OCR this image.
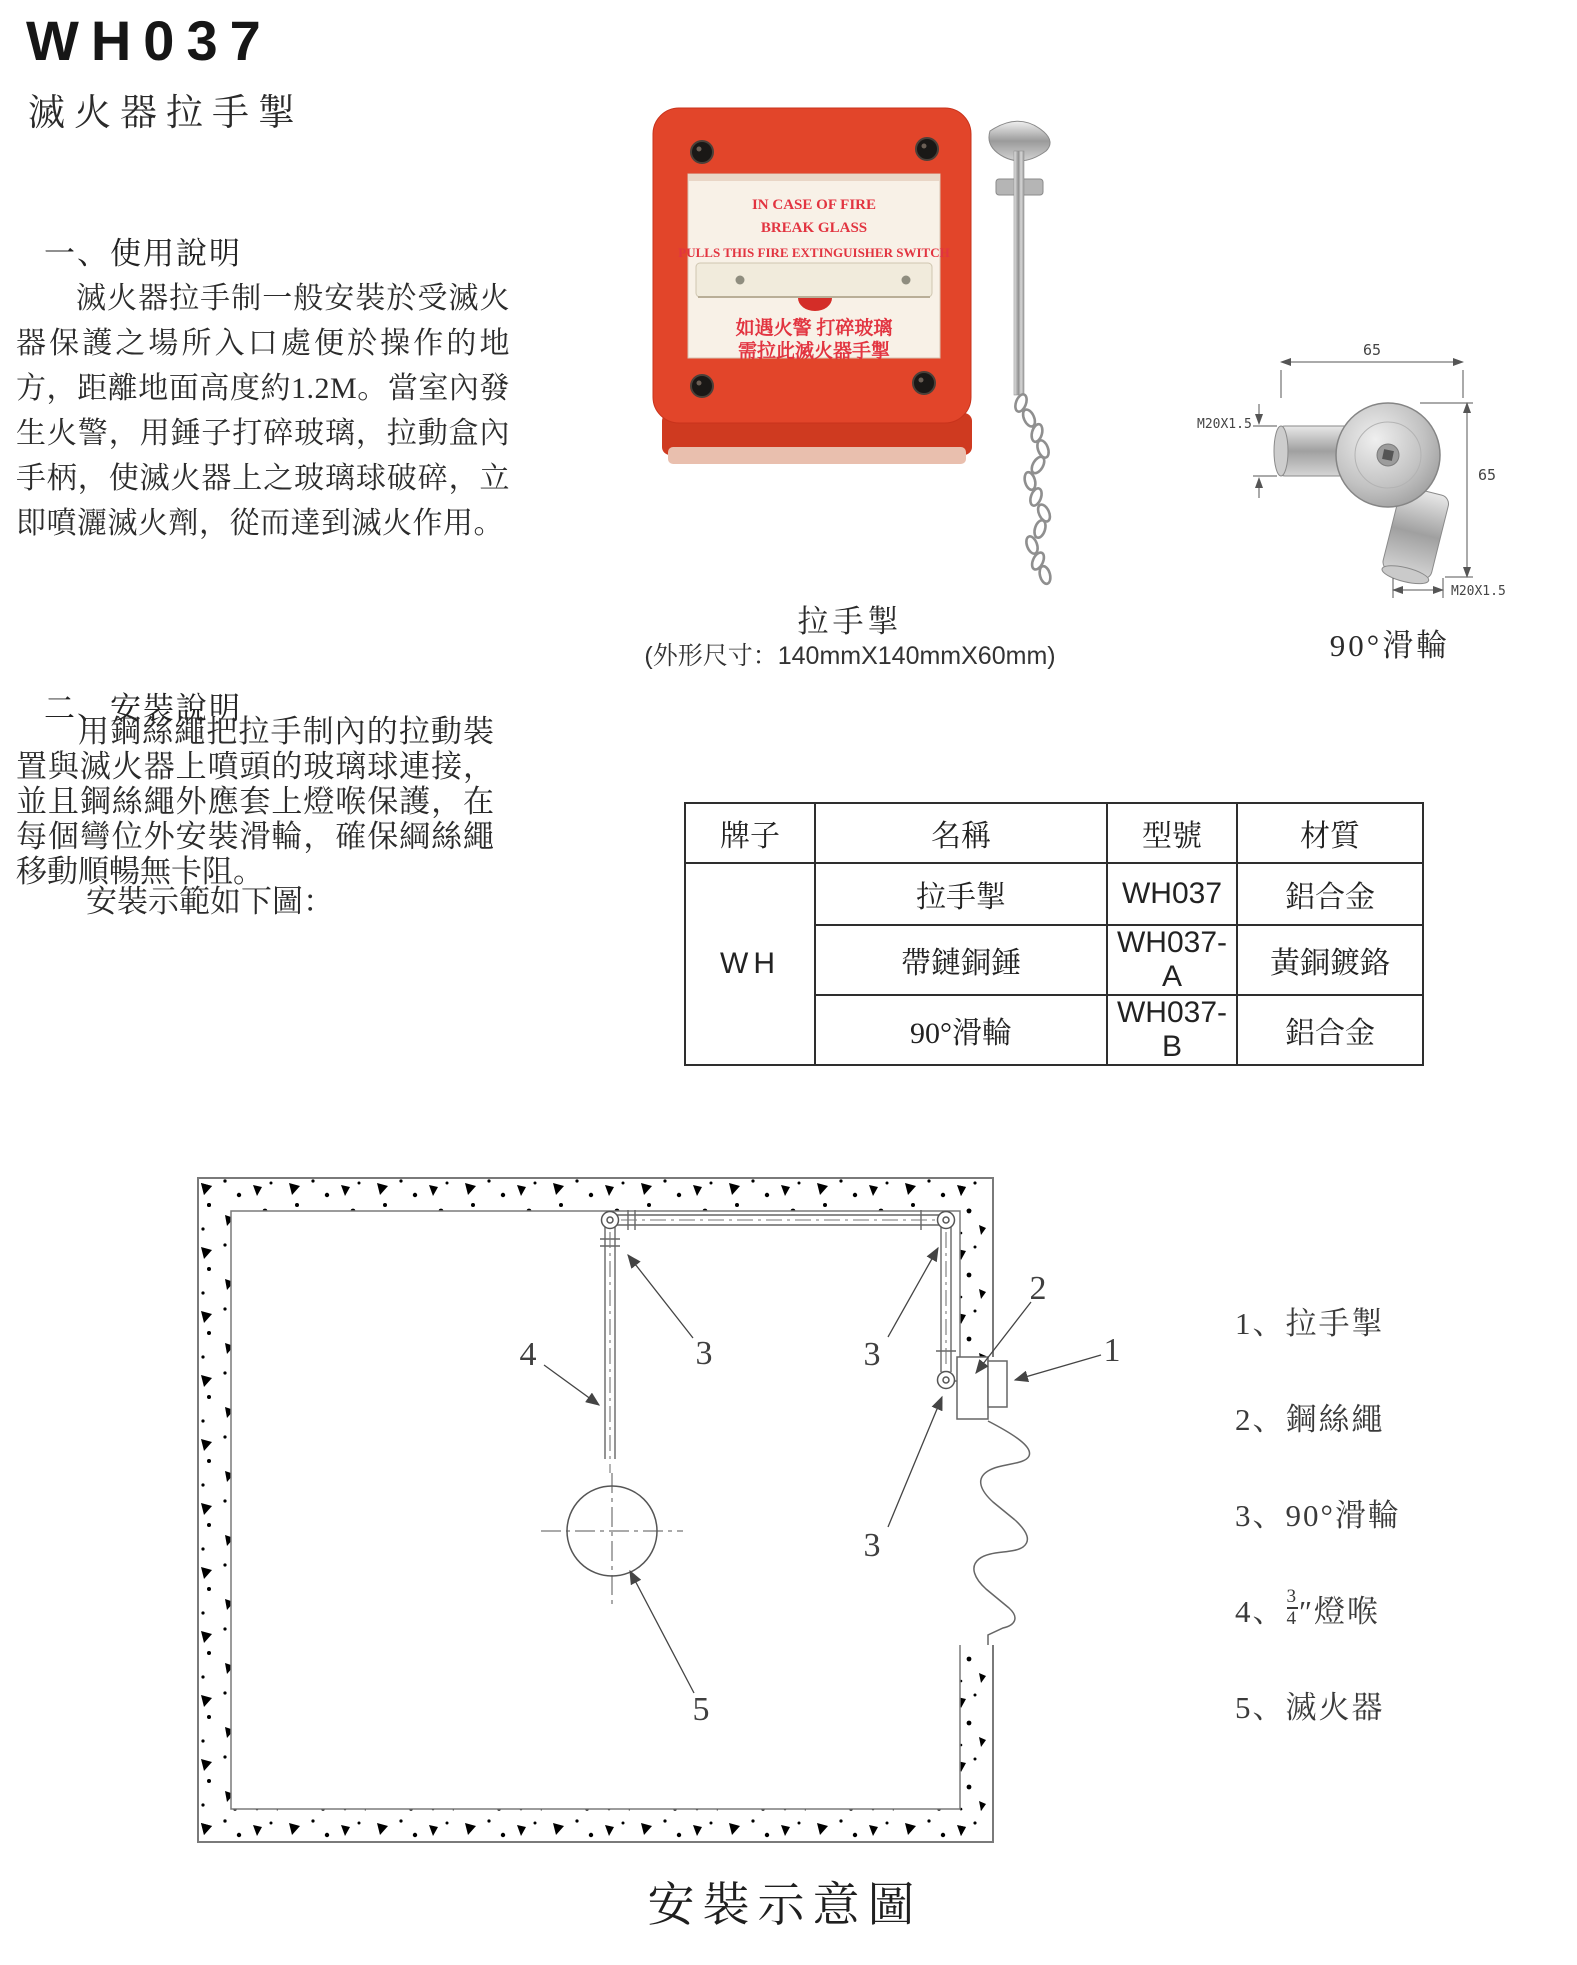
WH037
滅火器拉手掣
一、使用說明
滅火器拉手制一般安裝於受滅火器保護之場所入口處便於操作的地方，距離地面高度約1.2M。當室內發生火警，用錘子打碎玻璃，拉動盒內手柄，使滅火器上之玻璃球破碎，立即噴灑滅火劑，從而達到滅火作用。
二、安裝說明
用鋼絲繩把拉手制內的拉動裝置與滅火器上噴頭的玻璃球連接，並且鋼絲繩外應套上燈喉保護，在每個彎位外安裝滑輪，確保綱絲繩移動順暢無卡阻。
安裝示範如下圖：
IN CASE OF FIRE
BREAK GLASS
PULLS THIS FIRE EXTINGUISHER SWITCH
如遇火警 打碎玻璃
需拉此滅火器手掣
拉手掣
(外形尺寸：140mmX140mmX60mm)
65
M20X1.5
65
M20X1.5
90°滑輪
牌子	名稱	型號	材質
WH	拉手掣	WH037	鋁合金
	帶鏈銅錘	WH037-A	黃銅鍍鉻
	90°滑輪	WH037-B	鋁合金
4	3	3
3
5
2
1
1、 拉手掣
2、 鋼絲繩
3、 90°滑輪
4、 $\frac{3}{4}$ ″燈喉
5、 滅火器
安裝示意圖
